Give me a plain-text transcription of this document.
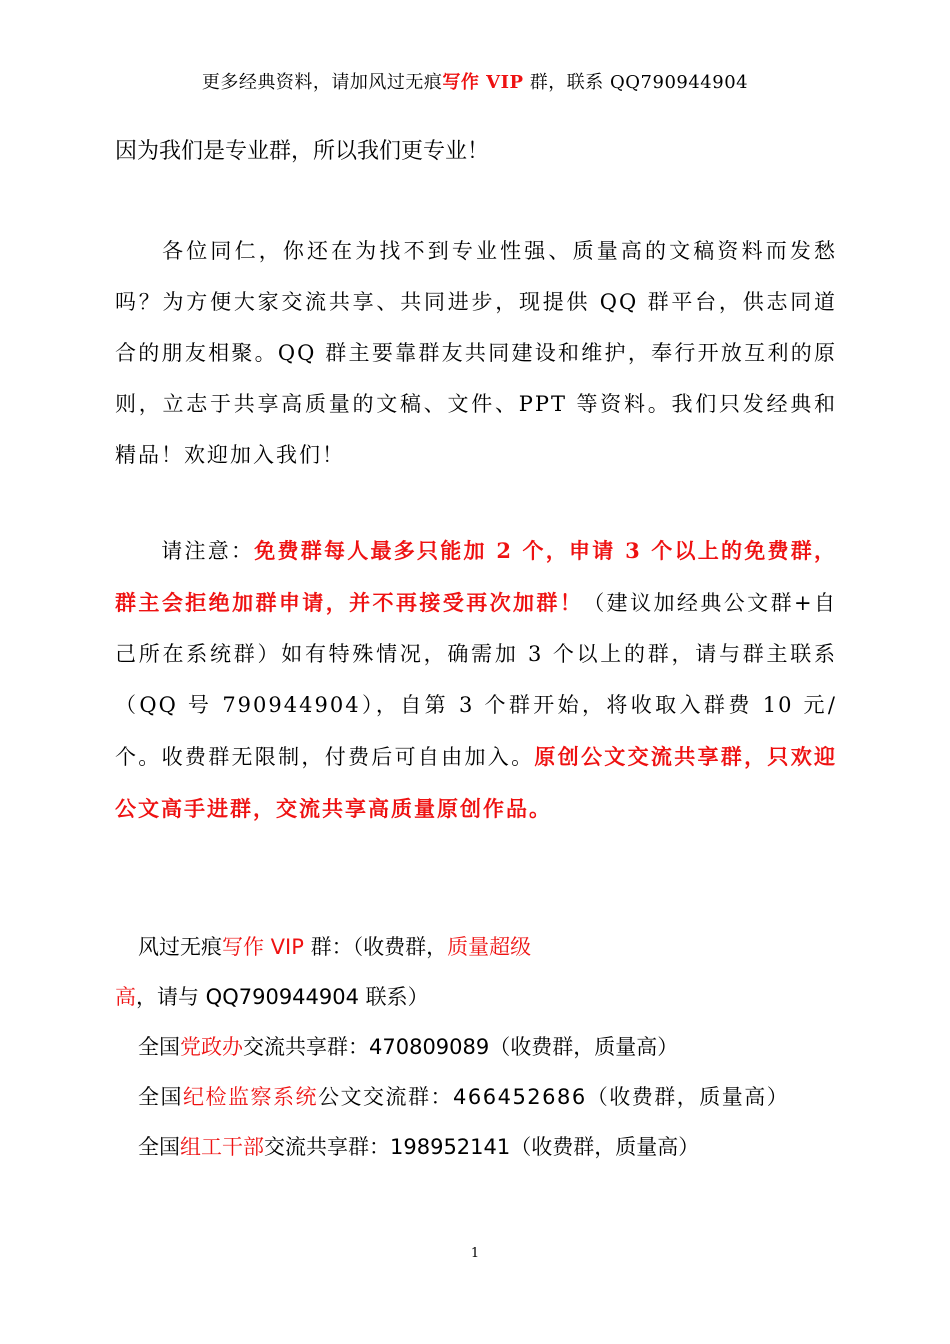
更多经典资料，请加风过无痕写作 VIP 群，联系 QQ790944904
因为我们是专业群，所以我们更专业！
各位同仁，你还在为找不到专业性强、质量高的文稿资料而发愁吗？为方便大家交流共享、共同进步，现提供 QQ 群平台，供志同道合的朋友相聚。QQ 群主要靠群友共同建设和维护，奉行开放互利的原则，立志于共享高质量的文稿、文件、PPT 等资料。我们只发经典和精品！欢迎加入我们！
请注意：免费群每人最多只能加 2 个，申请 3 个以上的免费群，群主会拒绝加群申请，并不再接受再次加群！（建议加经典公文群+自己所在系统群）如有特殊情况，确需加 3 个以上的群，请与群主联系（QQ 号 790944904），自第 3 个群开始，将收取入群费 10 元/个。收费群无限制，付费后可自由加入。原创公文交流共享群，只欢迎公文高手进群，交流共享高质量原创作品。
风过无痕写作 VIP 群：（收费群，质量超级高，请与 QQ790944904 联系）
全国党政办交流共享群：470809089（收费群，质量高）
全国纪检监察系统公文交流群：466452686（收费群，质量高）
全国组工干部交流共享群：198952141（收费群，质量高）
1
